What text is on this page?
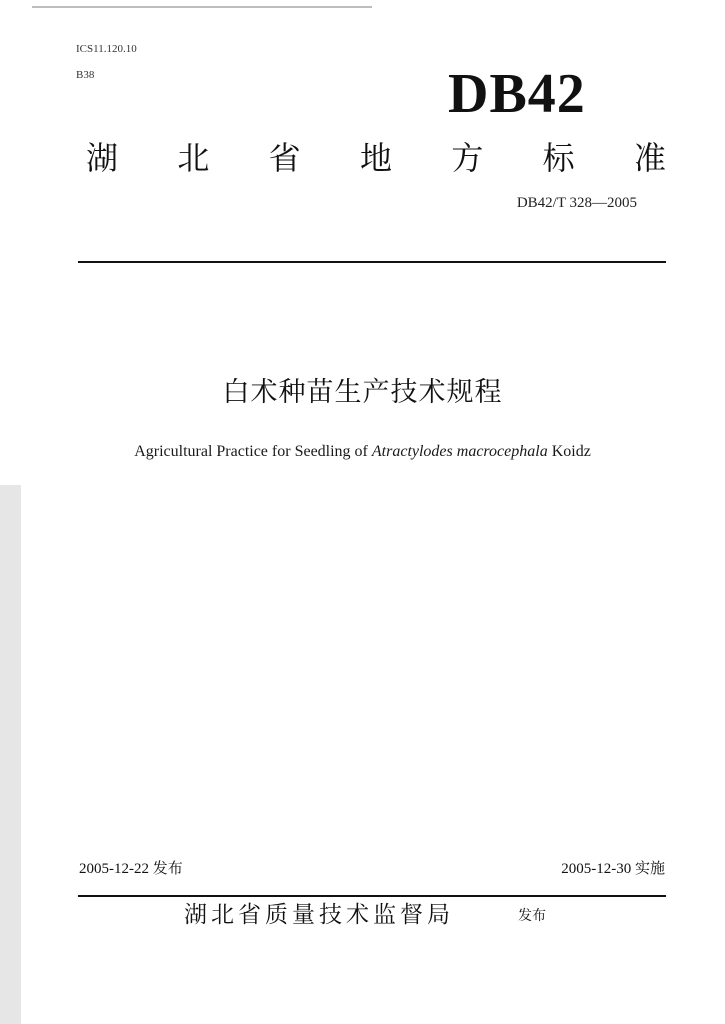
ICS11.120.10
B38	DB42
湖 北 省 地 方 标 准
DB42/T 328—2005
白术种苗生产技术规程
Agricultural Practice for Seedling of Atractylodes macrocephala Koidz
2005-12-22 发布	2005-12-30 实施
湖北省质量技术监督局	发布
